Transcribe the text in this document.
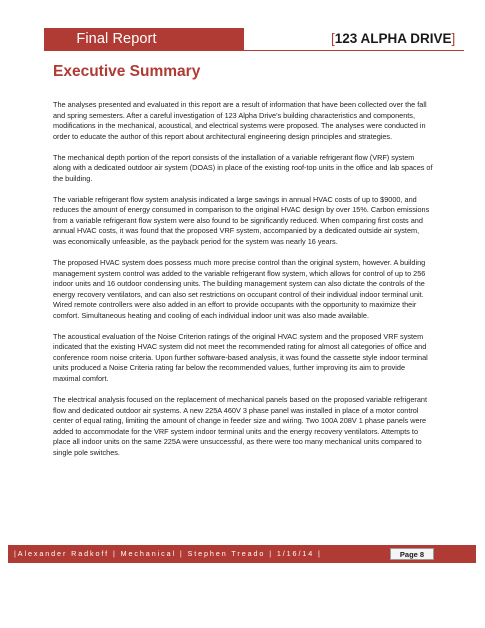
Final Report	[123 ALPHA DRIVE]
Executive Summary

The analyses presented and evaluated in this report are a result of information that have been collected over the fall and spring semesters. After a careful investigation of 123 Alpha Drive's building characteristics and components, modifications in the mechanical, acoustical, and electrical systems were proposed. The analyses were conducted in order to educate the author of this report about architectural engineering design principles and strategies.

The mechanical depth portion of the report consists of the installation of a variable refrigerant flow (VRF) system along with a dedicated outdoor air system (DOAS) in place of the existing roof-top units in the office and lab spaces of the building.

The variable refrigerant flow system analysis indicated a large savings in annual HVAC costs of up to $9000, and reduces the amount of energy consumed in comparison to the original HVAC design by over 15%. Carbon emissions from a variable refrigerant flow system were also found to be significantly reduced. When comparing first costs and annual HVAC costs, it was found that the proposed VRF system, accompanied by a dedicated outside air system, was economically unfeasible, as the payback period for the system was nearly 16 years.

The proposed HVAC system does possess much more precise control than the original system, however. A building management system control was added to the variable refrigerant flow system, which allows for control of up to 256 indoor units and 16 outdoor condensing units. The building management system can also dictate the controls of the energy recovery ventilators, and can also set restrictions on occupant control of their individual indoor terminal unit. Wired remote controllers were also added in an effort to provide occupants with the opportunity to maximize their comfort. Simultaneous heating and cooling of each individual indoor unit was also made available.

The acoustical evaluation of the Noise Criterion ratings of the original HVAC system and the proposed VRF system indicated that the existing HVAC system did not meet the recommended rating for almost all categories of office and conference room noise criteria. Upon further software-based analysis, it was found the cassette style indoor terminal units produced a Noise Criteria rating far below the recommended values, further improving its aim to provide maximal comfort.

The electrical analysis focused on the replacement of mechanical panels based on the proposed variable refrigerant flow and dedicated outdoor air systems. A new 225A 460V 3 phase panel was installed in place of a motor control center of equal rating, limiting the amount of change in feeder size and wiring. Two 100A 208V 1 phase panels were added to accommodate for the VRF system indoor terminal units and the energy recovery ventilators. Attempts to place all indoor units on the same 225A were unsuccessful, as there were too many mechanical units compared to single pole switches.

|Alexander Radkoff | Mechanical | Stephen Treado | 1/16/14 |	Page 8
